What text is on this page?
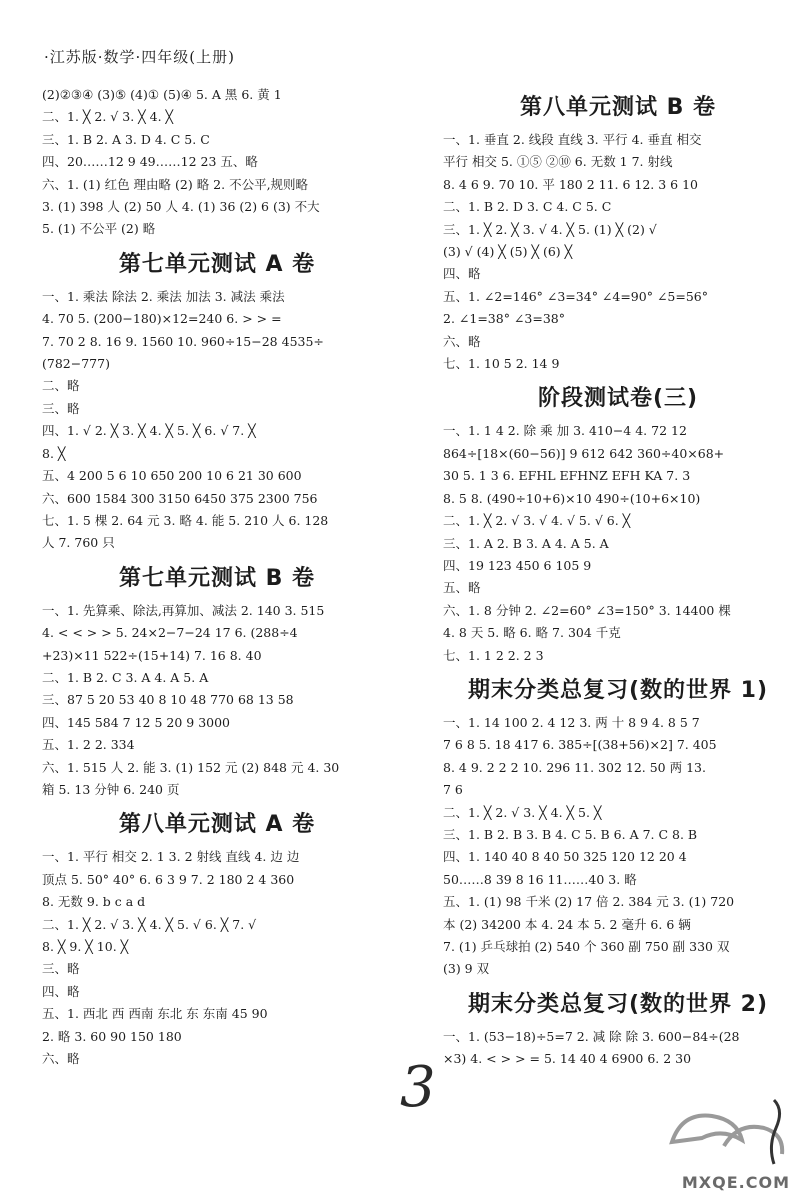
·江苏版·数学·四年级(上册)
(2)②③④ (3)⑤ (4)① (5)④ 5. A 黑 6. 黄 1
二、1. ╳ 2. √ 3. ╳ 4. ╳
三、1. B 2. A 3. D 4. C 5. C
四、20……12 9 49……12 23 五、略
六、1. (1) 红色 理由略 (2) 略 2. 不公平,规则略
3. (1) 398 人 (2) 50 人 4. (1) 36 (2) 6 (3) 不大
5. (1) 不公平 (2) 略
第七单元测试 A 卷
一、1. 乘法 除法 2. 乘法 加法 3. 减法 乘法
4. 70 5. (200−180)×12=240 6. > > =
7. 70 2 8. 16 9. 1560 10. 960÷15−28 4535÷
(782−777)
二、略
三、略
四、1. √ 2. ╳ 3. ╳ 4. ╳ 5. ╳ 6. √ 7. ╳
8. ╳
五、4 200 5 6 10 650 200 10 6 21 30 600
六、600 1584 300 3150 6450 375 2300 756
七、1. 5 棵 2. 64 元 3. 略 4. 能 5. 210 人 6. 128
人 7. 760 只
第七单元测试 B 卷
一、1. 先算乘、除法,再算加、减法 2. 140 3. 515
4. < < > > 5. 24×2−7−24 17 6. (288÷4
+23)×11 522÷(15+14) 7. 16 8. 40
二、1. B 2. C 3. A 4. A 5. A
三、87 5 20 53 40 8 10 48 770 68 13 58
四、145 584 7 12 5 20 9 3000
五、1. 2 2. 334
六、1. 515 人 2. 能 3. (1) 152 元 (2) 848 元 4. 30
箱 5. 13 分钟 6. 240 页
第八单元测试 A 卷
一、1. 平行 相交 2. 1 3. 2 射线 直线 4. 边 边
顶点 5. 50° 40° 6. 6 3 9 7. 2 180 2 4 360
8. 无数 9. b c a d
二、1. ╳ 2. √ 3. ╳ 4. ╳ 5. √ 6. ╳ 7. √
8. ╳ 9. ╳ 10. ╳
三、略
四、略
五、1. 西北 西 西南 东北 东 东南 45 90
2. 略 3. 60 90 150 180
六、略
第八单元测试 B 卷
一、1. 垂直 2. 线段 直线 3. 平行 4. 垂直 相交
平行 相交 5. ①⑤ ②⑩ 6. 无数 1 7. 射线
8. 4 6 9. 70 10. 平 180 2 11. 6 12. 3 6 10
二、1. B 2. D 3. C 4. C 5. C
三、1. ╳ 2. ╳ 3. √ 4. ╳ 5. (1) ╳ (2) √
(3) √ (4) ╳ (5) ╳ (6) ╳
四、略
五、1. ∠2=146° ∠3=34° ∠4=90° ∠5=56°
2. ∠1=38° ∠3=38°
六、略
七、1. 10 5 2. 14 9
阶段测试卷(三)
一、1. 1 4 2. 除 乘 加 3. 410−4 4. 72 12
864÷[18×(60−56)] 9 612 642 360÷40×68+
30 5. 1 3 6. EFHL EFHNZ EFH KA 7. 3
8. 5 8. (490÷10+6)×10 490÷(10+6×10)
二、1. ╳ 2. √ 3. √ 4. √ 5. √ 6. ╳
三、1. A 2. B 3. A 4. A 5. A
四、19 123 450 6 105 9
五、略
六、1. 8 分钟 2. ∠2=60° ∠3=150° 3. 14400 棵
4. 8 天 5. 略 6. 略 7. 304 千克
七、1. 1 2 2. 2 3
期末分类总复习(数的世界 1)
一、1. 14 100 2. 4 12 3. 两 十 8 9 4. 8 5 7
7 6 8 5. 18 417 6. 385÷[(38+56)×2] 7. 405
8. 4 9. 2 2 2 10. 296 11. 302 12. 50 两 13.
7 6
二、1. ╳ 2. √ 3. ╳ 4. ╳ 5. ╳
三、1. B 2. B 3. B 4. C 5. B 6. A 7. C 8. B
四、1. 140 40 8 40 50 325 120 12 20 4
50……8 39 8 16 11……40 3. 略
五、1. (1) 98 千米 (2) 17 倍 2. 384 元 3. (1) 720
本 (2) 34200 本 4. 24 本 5. 2 毫升 6. 6 辆
7. (1) 乒乓球拍 (2) 540 个 360 副 750 副 330 双
(3) 9 双
期末分类总复习(数的世界 2)
一、1. (53−18)÷5=7 2. 减 除 除 3. 600−84÷(28
×3) 4. < > > = 5. 14 40 4 6900 6. 2 30
3
MXQE.COM
